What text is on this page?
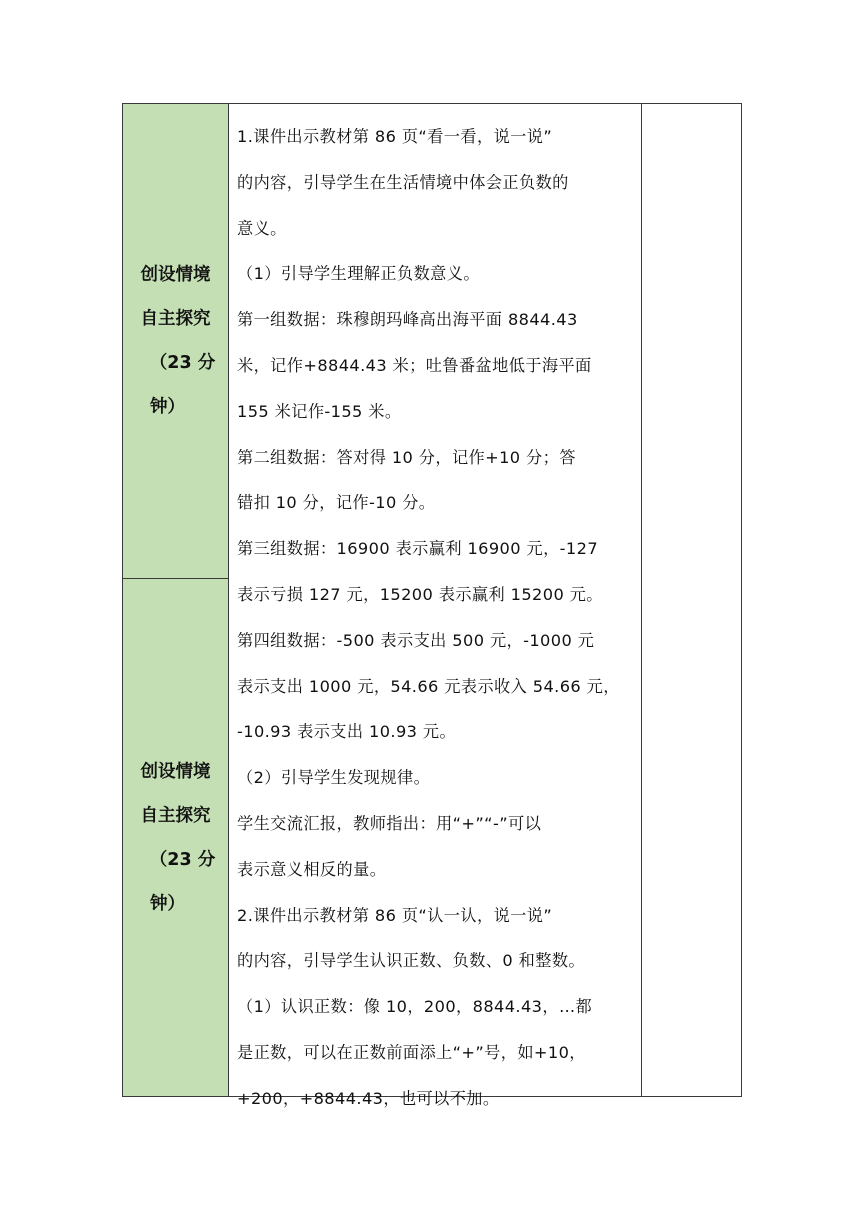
创设情境
自主探究
（23 分
钟）
创设情境
自主探究
（23 分
钟）

1.课件出示教材第 86 页“看一看，说一说”

的内容，引导学生在生活情境中体会正负数的

意义。

（1）引导学生理解正负数意义。

第一组数据：珠穆朗玛峰高出海平面 8844.43

米，记作+8844.43 米；吐鲁番盆地低于海平面

155 米记作-155 米。

第二组数据：答对得 10 分，记作+10 分；答

错扣 10 分，记作-10 分。

第三组数据：16900 表示赢利 16900 元，-127

表示亏损 127 元，15200 表示赢利 15200 元。

第四组数据：-500 表示支出 500 元，-1000 元

表示支出 1000 元，54.66 元表示收入 54.66 元，

-10.93 表示支出 10.93 元。

（2）引导学生发现规律。

学生交流汇报，教师指出：用“+”“-”可以

表示意义相反的量。

2.课件出示教材第 86 页“认一认，说一说”

的内容，引导学生认识正数、负数、0 和整数。

（1）认识正数：像 10，200，8844.43，…都

是正数，可以在正数前面添上“+”号，如+10，

+200，+8844.43，也可以不加。
